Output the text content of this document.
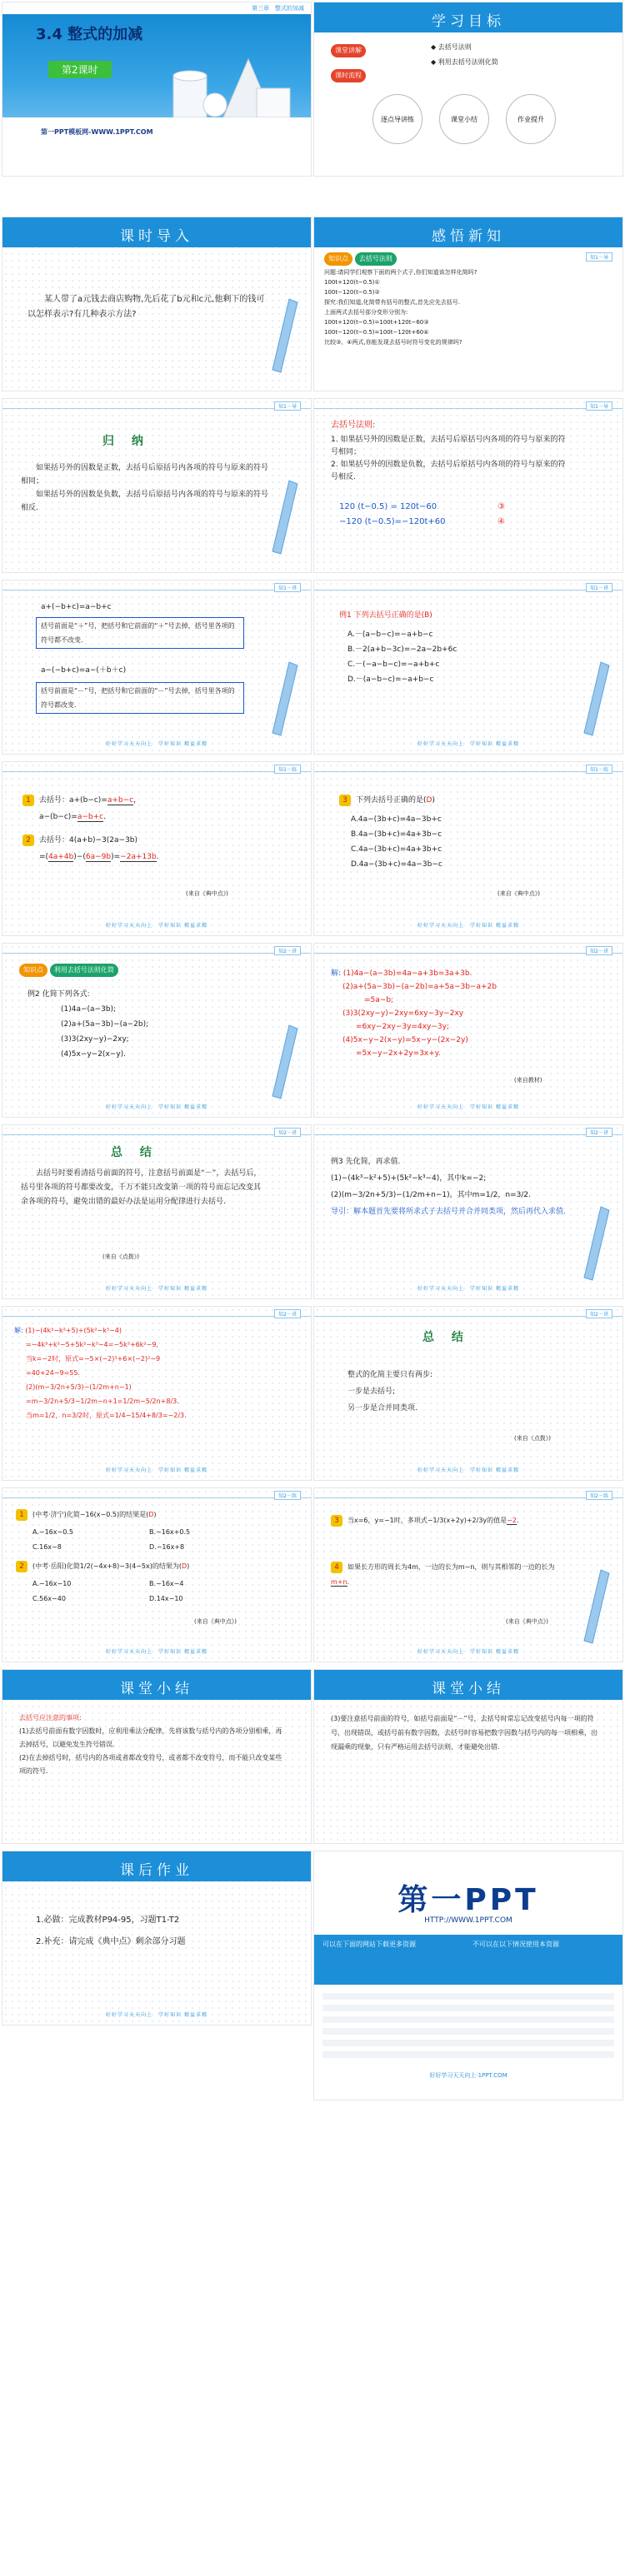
第三章　整式的加减
3.4 整式的加减
第2课时
第一PPT模板网-WWW.1PPT.COM
学习目标
课堂讲解	◆ 去括号法则
◆ 利用去括号法则化简
课时流程
逐点导讲练	课堂小结	作业提升
课时导入
某人带了a元钱去商店购物,先后花了b元和c元,他剩下的钱可以怎样表示?有几种表示方法?
感悟新知
知1－导
知识点 去括号法则
问题:请同学们观察下面的两个式子,你们知道该怎样化简吗?
100t+120(t−0.5)①
100t−120(t−0.5)②
探究:我们知道,化简带有括号的整式,首先应先去括号.
上面两式去括号部分变形分别为:
100t+120(t−0.5)=100t+120t−60③
100t−120(t−0.5)=100t−120t+60④
比较③、④两式,你能发现去括号时符号变化的规律吗?
知1－导
归 纳
如果括号外的因数是正数，去括号后原括号内各项的符号与原来的符号相同；
如果括号外的因数是负数，去括号后原括号内各项的符号与原来的符号相反.
知1－导
去括号法则:
1. 如果括号外的因数是正数，去括号后原括号内各项的符号与原来的符号相同；
2. 如果括号外的因数是负数，去括号后原括号内各项的符号与原来的符号相反.
120 (t−0.5) = 120t−60	③
−120 (t−0.5)=−120t+60	④
知1－讲
a+(−b+c)=a−b+c
括号前面是“＋”号，把括号和它前面的“＋”号去掉，括号里各项的符号都不改变.
a−(−b+c)=a−(＋b＋c)
括号前面是“－”号，把括号和它前面的“－”号去掉，括号里各项的符号都改变.
好好学习天天向上　 学好知识 精益求精
知1－讲
例1 下列去括号正确的是(B)
A.－(a−b−c)=−a+b−c
B.－2(a+b−3c)=−2a−2b+6c
C.－(−a−b−c)=−a+b+c
D.－(a−b−c)=−a+b−c
好好学习天天向上　 学好知识 精益求精
知1－练
1 去括号：a+(b−c)=a+b−c，
a−(b−c)=a−b+c.
2 去括号：4(a+b)−3(2a−3b)
=(4a+4b)−(6a−9b)=−2a+13b.
(来自《典中点》)
好好学习天天向上　 学好知识 精益求精
知1－练
3 下列去括号正确的是(D)
A.4a−(3b+c)=4a−3b+c
B.4a−(3b+c)=4a+3b−c
C.4a−(3b+c)=4a+3b+c
D.4a−(3b+c)=4a−3b−c
(来自《典中点》)
好好学习天天向上　 学好知识 精益求精
知2－讲
知识点 利用去括号法则化简
例2 化简下列各式:
(1)4a−(a−3b);
(2)a+(5a−3b)−(a−2b);
(3)3(2xy−y)−2xy;
(4)5x−y−2(x−y).
好好学习天天向上　 学好知识 精益求精
知2－讲
解: (1)4a−(a−3b)=4a−a+3b=3a+3b.
(2)a+(5a−3b)−(a−2b)=a+5a−3b−a+2b
=5a−b;
(3)3(2xy−y)−2xy=6xy−3y−2xy
=6xy−2xy−3y=4xy−3y;
(4)5x−y−2(x−y)=5x−y−(2x−2y)
=5x−y−2x+2y=3x+y.
(来自教材)
好好学习天天向上　 学好知识 精益求精
知2－讲
总 结
去括号时要看清括号前面的符号，注意括号前面是“－”，去括号后，括号里各项的符号都要改变，千万不能只改变第一项的符号而忘记改变其余各项的符号，避免出错的最好办法是运用分配律进行去括号.
(来自《点拨》)
好好学习天天向上　 学好知识 精益求精
知2－讲
例3 先化简，再求值.
(1)−(4k³−k²+5)+(5k²−k³−4)，其中k=−2;
(2)(m−3/2n+5/3)−(1/2m+n−1)，其中m=1/2，n=3/2.
导引：解本题首先要将所求式子去括号并合并同类项，然后再代入求值.
好好学习天天向上　 学好知识 精益求精
知2－讲
解: (1)−(4k³−k²+5)+(5k²−k³−4)
=−4k³+k²−5+5k²−k³−4=−5k³+6k²−9,
当k=−2时，原式=−5×(−2)³+6×(−2)²−9
=40+24−9=55.
(2)(m−3/2n+5/3)−(1/2m+n−1)
=m−3/2n+5/3−1/2m−n+1=1/2m−5/2n+8/3.
当m=1/2，n=3/2时，原式=1/4−15/4+8/3=−2/3.
好好学习天天向上　 学好知识 精益求精
知2－讲
总 结
整式的化简主要只有两步:
一步是去括号;
另一步是合并同类项.
(来自《点拨》)
好好学习天天向上　 学好知识 精益求精
知2－练
1 (中考·济宁)化简−16(x−0.5)的结果是(D)
A.−16x−0.5	B.−16x+0.5
C.16x−8	D.−16x+8
2 (中考·岳阳)化简1/2(−4x+8)−3(4−5x)的结果为(D)
A.−16x−10	B.−16x−4
C.56x−40	D.14x−10
(来自《典中点》)
好好学习天天向上　 学好知识 精益求精
知2－练
3 当x=6，y=−1时，多项式−1/3(x+2y)+2/3y的值是−2.
4 如果长方形的周长为4m，一边的长为m−n，则与其相邻的一边的长为m+n.
(来自《典中点》)
好好学习天天向上　 学好知识 精益求精
课堂小结
去括号应注意的事项:
(1)去括号前面有数字因数时，应利用乘法分配律，先将该数与括号内的各项分别相乘，再去掉括号，以避免发生符号错误.
(2)在去掉括号时，括号内的各项或者都改变符号，或者都不改变符号，而不能只改变某些项的符号.
课堂小结
(3)要注意括号前面的符号，如括号前面是“－”号，去括号时常忘记改变括号内每一项的符号，出现错误，或括号前有数字因数，去括号时容易把数字因数与括号内的每一项相乘，出现漏乘的现象，只有严格运用去括号法则，才能避免出错.
课后作业
1.必做：完成教材P94-95，习题T1-T2
2.补充：请完成《典中点》剩余部分习题
好好学习天天向上　 学好知识 精益求精
第一PPT
HTTP://WWW.1PPT.COM
可以在下面的网站下载更多资源	不可以在以下情况使用本资源
好好学习天天向上·1PPT.COM
